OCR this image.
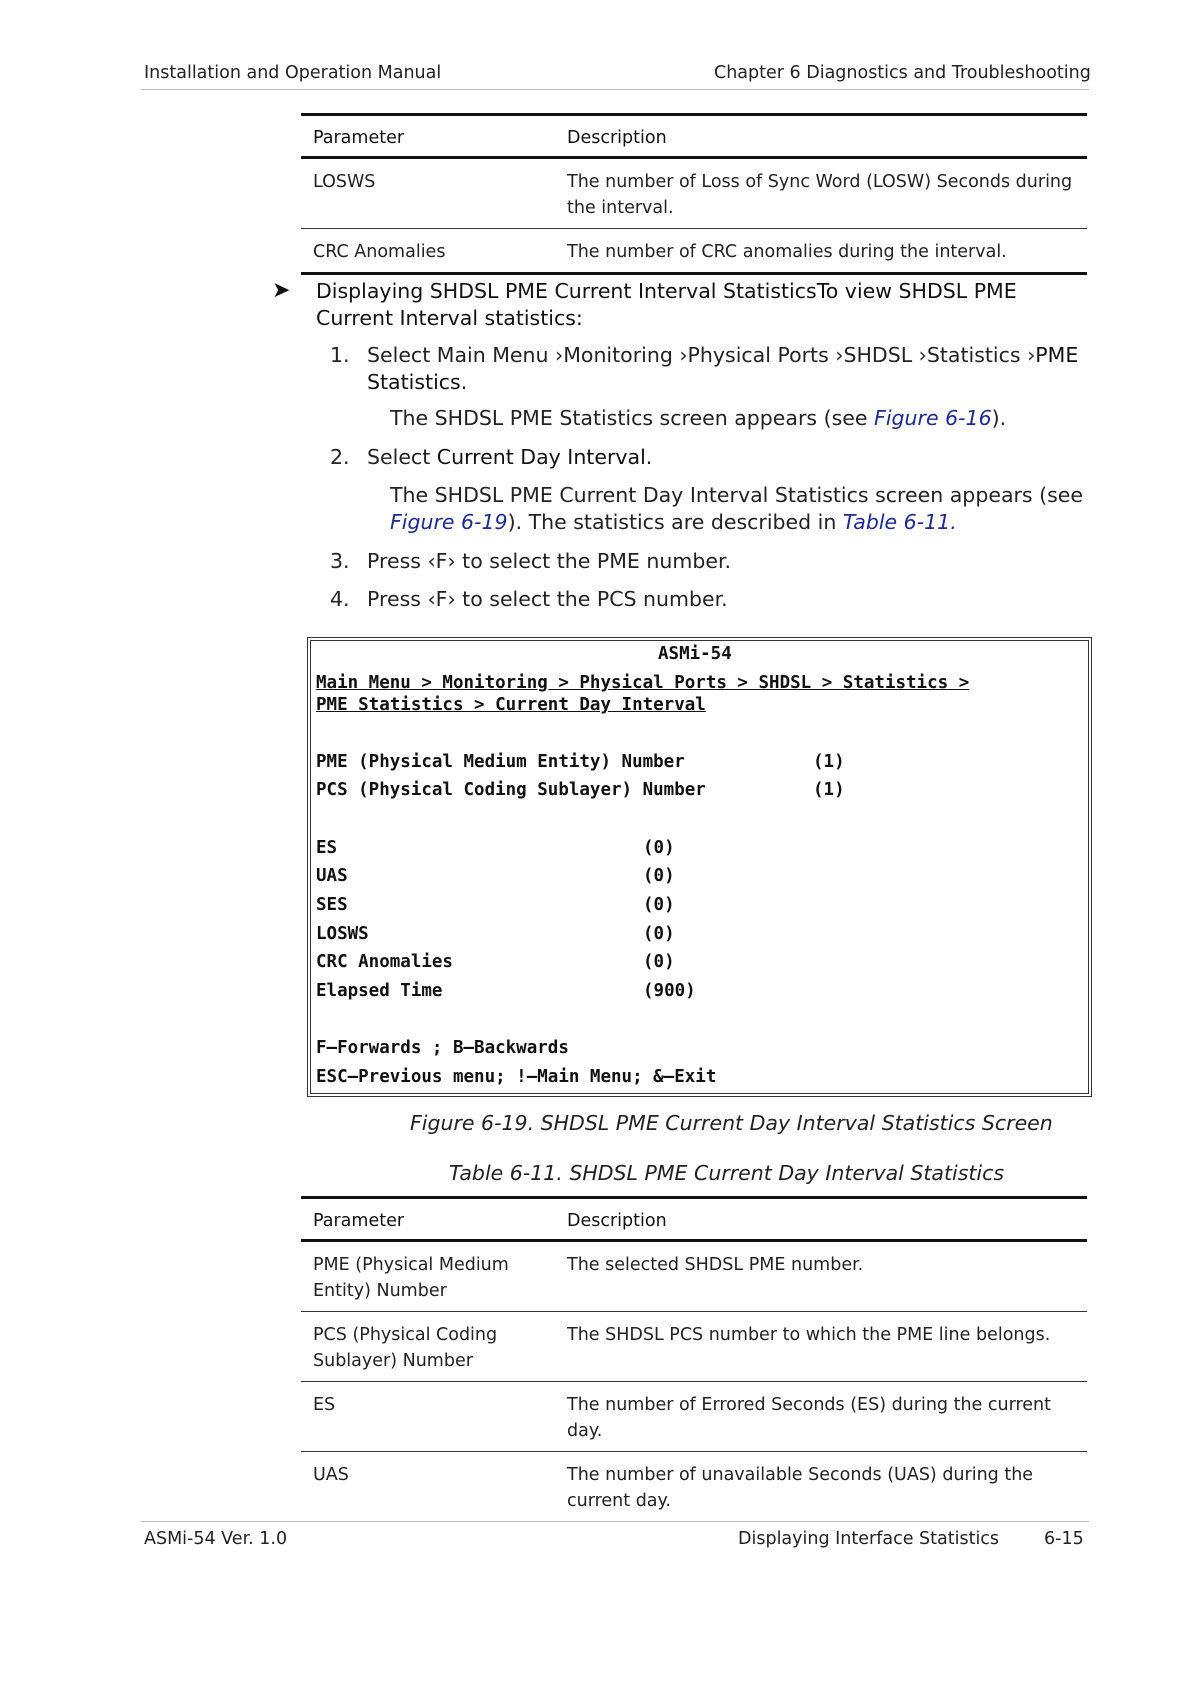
Installation and Operation Manual	Chapter 6 Diagnostics and Troubleshooting
Parameter	Description
LOSWS	The number of Loss of Sync Word (LOSW) Seconds during the interval.
CRC Anomalies	The number of CRC anomalies during the interval.
➤ Displaying SHDSL PME Current Interval StatisticsTo view SHDSL PME Current Interval statistics:
1. Select Main Menu ›Monitoring ›Physical Ports ›SHDSL ›Statistics ›PME Statistics.
The SHDSL PME Statistics screen appears (see Figure 6-16).
2. Select Current Day Interval.
The SHDSL PME Current Day Interval Statistics screen appears (see Figure 6-19). The statistics are described in Table 6-11.
3. Press ‹F› to select the PME number.
4. Press ‹F› to select the PCS number.
ASMi-54
Main Menu > Monitoring > Physical Ports > SHDSL > Statistics >
PME Statistics > Current Day Interval
PME (Physical Medium Entity) Number	(1)
PCS (Physical Coding Sublayer) Number	(1)
ES	(0)
UAS	(0)
SES	(0)
LOSWS	(0)
CRC Anomalies	(0)
Elapsed Time	(900)
F–Forwards ; B–Backwards
ESC–Previous menu; !–Main Menu; &–Exit
Figure 6-19. SHDSL PME Current Day Interval Statistics Screen
Table 6-11. SHDSL PME Current Day Interval Statistics
Parameter	Description
PME (Physical Medium Entity) Number	The selected SHDSL PME number.
PCS (Physical Coding Sublayer) Number	The SHDSL PCS number to which the PME line belongs.
ES	The number of Errored Seconds (ES) during the current day.
UAS	The number of unavailable Seconds (UAS) during the current day.
ASMi-54 Ver. 1.0	Displaying Interface Statistics	6-15
